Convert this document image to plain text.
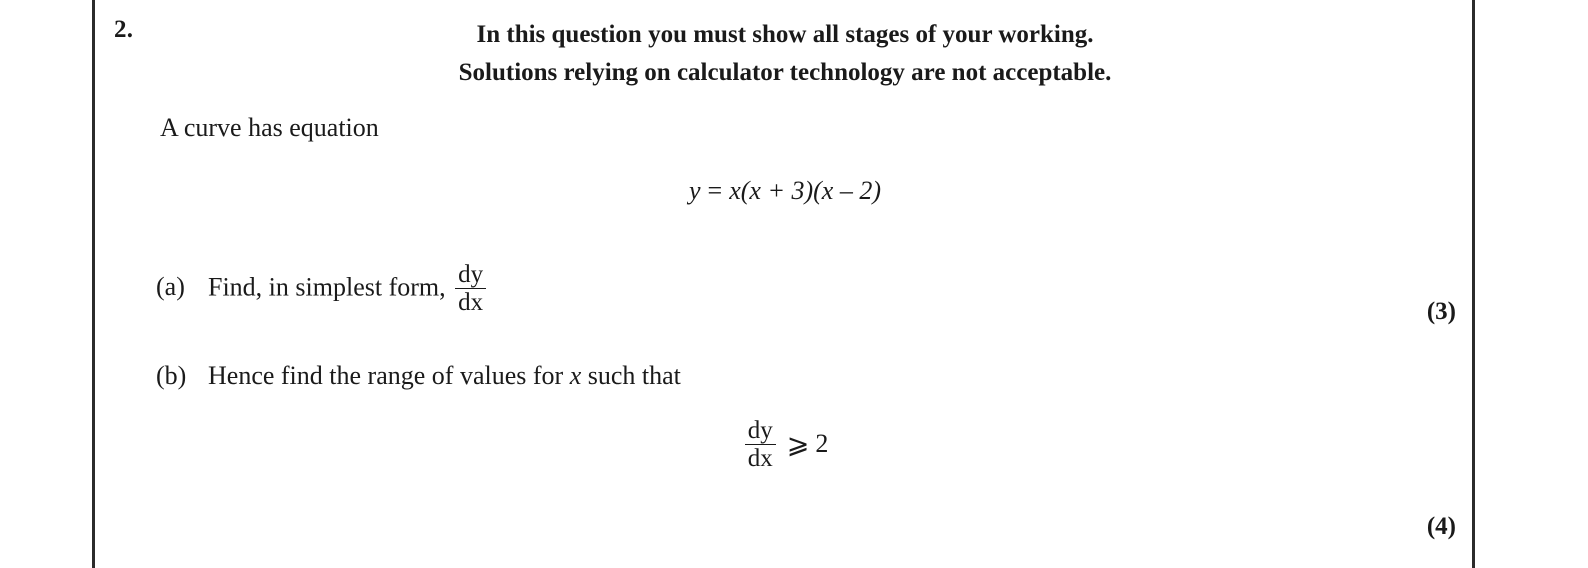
2.	In this question you must show all stages of your working.
Solutions relying on calculator technology are not acceptable.
A curve has equation
y = x(x + 3)(x – 2)
(a) Find, in simplest form, $\frac{dy}{dx}$	(3)
(b) Hence find the range of values for x such that
$\frac{dy}{dx}$ ⩾ 2
(4)
